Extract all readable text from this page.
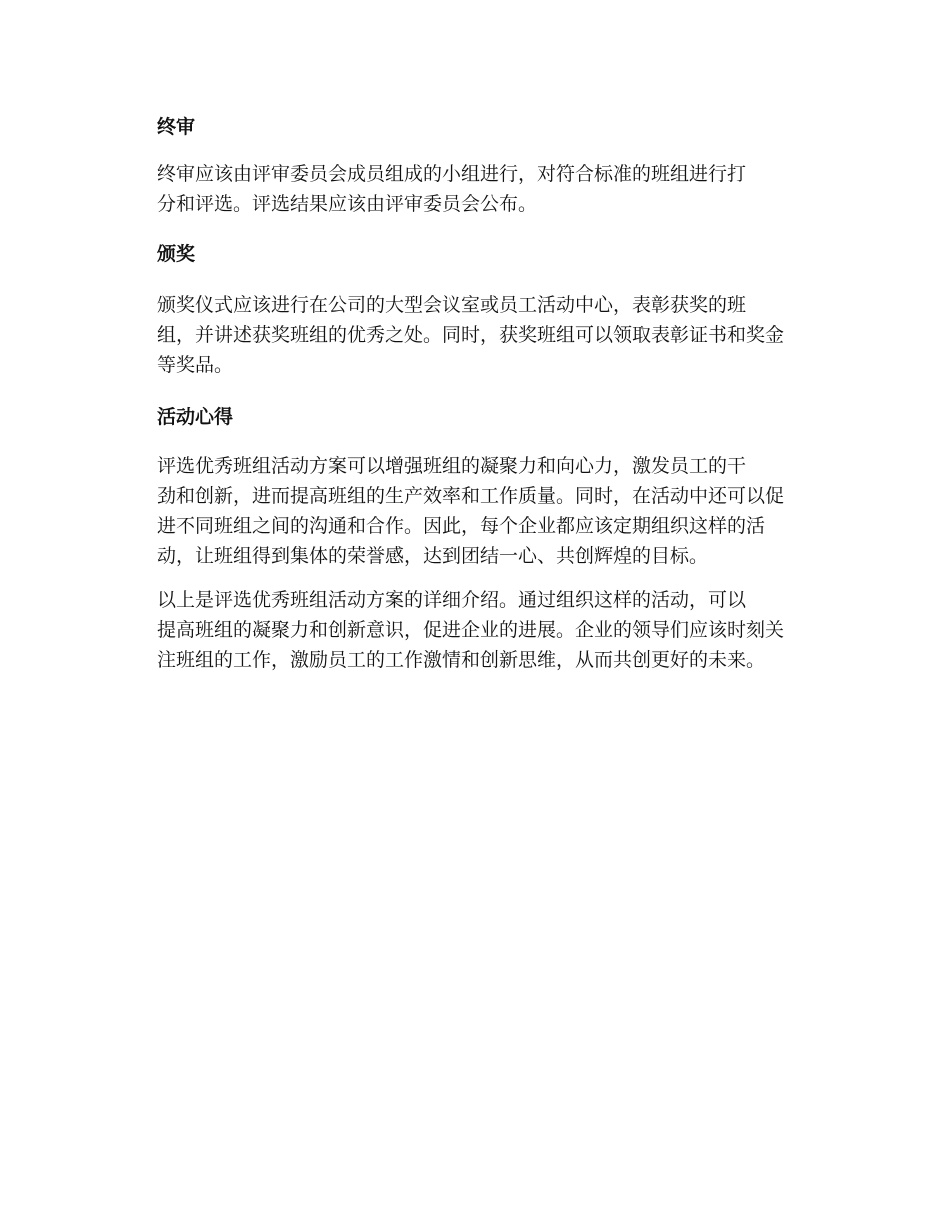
终审

终审应该由评审委员会成员组成的小组进行，对符合标准的班组进行打
分和评选。评选结果应该由评审委员会公布。

颁奖

颁奖仪式应该进行在公司的大型会议室或员工活动中心，表彰获奖的班
组，并讲述获奖班组的优秀之处。同时，获奖班组可以领取表彰证书和奖金
等奖品。

活动心得

评选优秀班组活动方案可以增强班组的凝聚力和向心力，激发员工的干
劲和创新，进而提高班组的生产效率和工作质量。同时，在活动中还可以促
进不同班组之间的沟通和合作。因此，每个企业都应该定期组织这样的活
动，让班组得到集体的荣誉感，达到团结一心、共创辉煌的目标。

以上是评选优秀班组活动方案的详细介绍。通过组织这样的活动，可以
提高班组的凝聚力和创新意识，促进企业的进展。企业的领导们应该时刻关
注班组的工作，激励员工的工作激情和创新思维，从而共创更好的未来。
